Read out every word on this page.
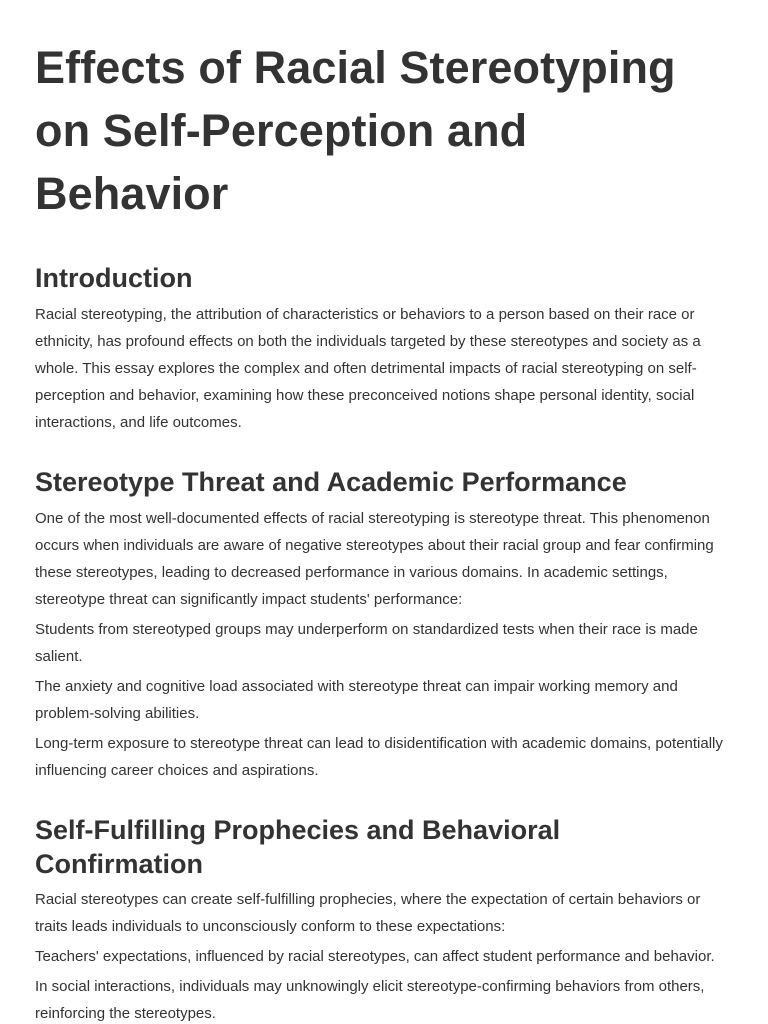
Effects of Racial Stereotyping on Self-Perception and Behavior
Introduction

Racial stereotyping, the attribution of characteristics or behaviors to a person based on their race or ethnicity, has profound effects on both the individuals targeted by these stereotypes and society as a whole. This essay explores the complex and often detrimental impacts of racial stereotyping on self-perception and behavior, examining how these preconceived notions shape personal identity, social interactions, and life outcomes.

Stereotype Threat and Academic Performance

One of the most well-documented effects of racial stereotyping is stereotype threat. This phenomenon occurs when individuals are aware of negative stereotypes about their racial group and fear confirming these stereotypes, leading to decreased performance in various domains. In academic settings, stereotype threat can significantly impact students' performance:

Students from stereotyped groups may underperform on standardized tests when their race is made salient.

The anxiety and cognitive load associated with stereotype threat can impair working memory and problem-solving abilities.

Long-term exposure to stereotype threat can lead to disidentification with academic domains, potentially influencing career choices and aspirations.

Self-Fulfilling Prophecies and Behavioral Confirmation

Racial stereotypes can create self-fulfilling prophecies, where the expectation of certain behaviors or traits leads individuals to unconsciously conform to these expectations:

Teachers' expectations, influenced by racial stereotypes, can affect student performance and behavior.

In social interactions, individuals may unknowingly elicit stereotype-confirming behaviors from others, reinforcing the stereotypes.
